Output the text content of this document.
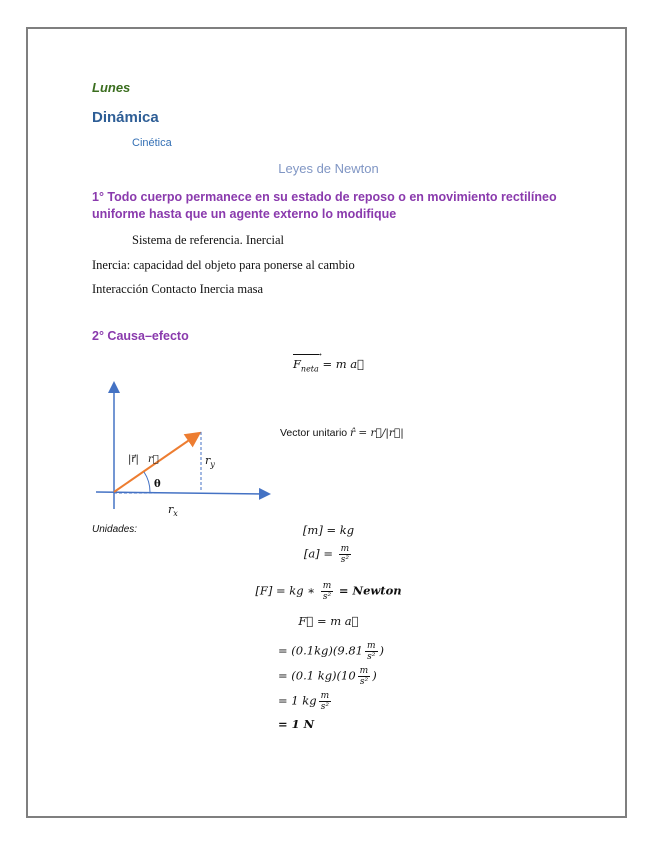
Lunes
Dinámica
Cinética
Leyes de Newton
1° Todo cuerpo permanece en su estado de reposo o en movimiento rectilíneo uniforme hasta que un agente externo lo modifique
Sistema de referencia. Inercial
Inercia: capacidad del objeto para ponerse al cambio
Interacción Contacto Inercia masa
2° Causa–efecto
⟶
$F_{neta} = m$ a⃗
|r⃗| r⃗	$r_y$
θ
$r_x$
Vector unitario r̂ = r⃗/|r⃗|
Unidades:	[m] = kg
$[a] = \frac{m}{\text{s²}}$
[F] = kg ∗ $\frac{m}{\text{s²}}$ = Newton
F⃗ = m a⃗
= $(0.1kg)(9.81 \frac{m}{\text{s²}}$ )
= (0.1 $kg)(10 \frac{m}{\text{s²}}$ )
= 1 kg $\frac{m}{\text{s²}}$
= 1 N
